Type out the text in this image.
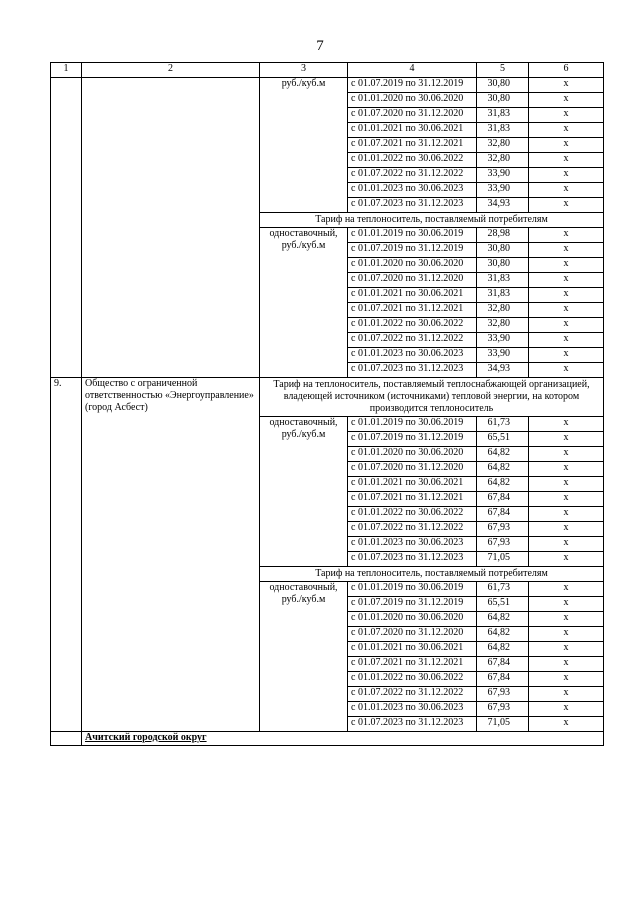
7
1	2	3	4	5	6
		руб./куб.м	с 01.07.2019 по 31.12.2019	30,80	х
			с 01.01.2020 по 30.06.2020	30,80	х
			с 01.07.2020 по 31.12.2020	31,83	х
			с 01.01.2021 по 30.06.2021	31,83	х
			с 01.07.2021 по 31.12.2021	32,80	х
			с 01.01.2022 по 30.06.2022	32,80	х
			с 01.07.2022 по 31.12.2022	33,90	х
			с 01.01.2023 по 30.06.2023	33,90	х
			с 01.07.2023 по 31.12.2023	34,93	х
		Тариф на теплоноситель, поставляемый потребителям			
		одноставочный, руб./куб.м	с 01.01.2019 по 30.06.2019	28,98	х
			с 01.07.2019 по 31.12.2019	30,80	х
			с 01.01.2020 по 30.06.2020	30,80	х
			с 01.07.2020 по 31.12.2020	31,83	х
			с 01.01.2021 по 30.06.2021	31,83	х
			с 01.07.2021 по 31.12.2021	32,80	х
			с 01.01.2022 по 30.06.2022	32,80	х
			с 01.07.2022 по 31.12.2022	33,90	х
			с 01.01.2023 по 30.06.2023	33,90	х
			с 01.07.2023 по 31.12.2023	34,93	х
9.	Общество с ограниченной ответственностью «Энергоуправление» (город Асбест)	Тариф на теплоноситель, поставляемый теплоснабжающей организацией, владеющей источником (источниками) тепловой энергии, на котором производится теплоноситель			
		одноставочный, руб./куб.м	с 01.01.2019 по 30.06.2019	61,73	х
			с 01.07.2019 по 31.12.2019	65,51	х
			с 01.01.2020 по 30.06.2020	64,82	х
			с 01.07.2020 по 31.12.2020	64,82	х
			с 01.01.2021 по 30.06.2021	64,82	х
			с 01.07.2021 по 31.12.2021	67,84	х
			с 01.01.2022 по 30.06.2022	67,84	х
			с 01.07.2022 по 31.12.2022	67,93	х
			с 01.01.2023 по 30.06.2023	67,93	х
			с 01.07.2023 по 31.12.2023	71,05	х
		Тариф на теплоноситель, поставляемый потребителям			
		одноставочный, руб./куб.м	с 01.01.2019 по 30.06.2019	61,73	х
			с 01.07.2019 по 31.12.2019	65,51	х
			с 01.01.2020 по 30.06.2020	64,82	х
			с 01.07.2020 по 31.12.2020	64,82	х
			с 01.01.2021 по 30.06.2021	64,82	х
			с 01.07.2021 по 31.12.2021	67,84	х
			с 01.01.2022 по 30.06.2022	67,84	х
			с 01.07.2022 по 31.12.2022	67,93	х
			с 01.01.2023 по 30.06.2023	67,93	х
			с 01.07.2023 по 31.12.2023	71,05	х
	Ачитский городской округ				
